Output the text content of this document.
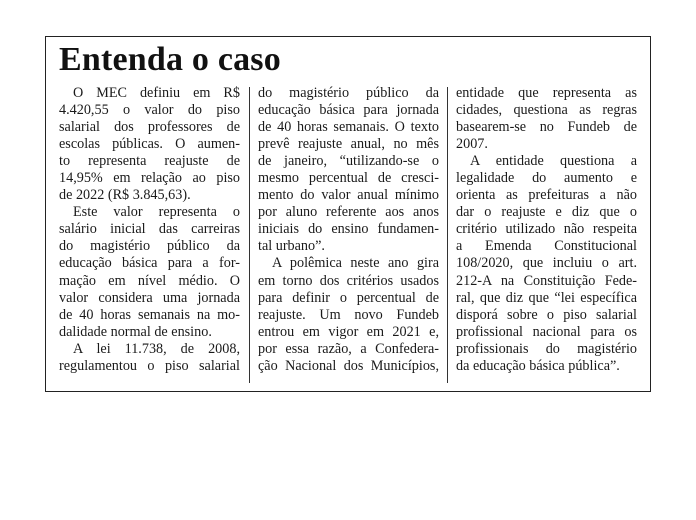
Entenda o caso
O MEC definiu em R$
4.420,55 o valor do piso
salarial dos professores de
escolas públicas. O aumen-
to representa reajuste de
14,95% em relação ao piso
de 2022 (R$ 3.845,63).
Este valor representa o
salário inicial das carreiras
do magistério público da
educação básica para a for-
mação em nível médio. O
valor considera uma jornada
de 40 horas semanais na mo-
dalidade normal de ensino.
A lei 11.738, de 2008,
regulamentou o piso salarial
do magistério público da
educação básica para jornada
de 40 horas semanais. O texto
prevê reajuste anual, no mês
de janeiro, “utilizando-se o
mesmo percentual de cresci-
mento do valor anual mínimo
por aluno referente aos anos
iniciais do ensino fundamen-
tal urbano”.
A polêmica neste ano gira
em torno dos critérios usados
para definir o percentual de
reajuste. Um novo Fundeb
entrou em vigor em 2021 e,
por essa razão, a Confedera-
ção Nacional dos Municípios,
entidade que representa as
cidades, questiona as regras
basearem-se no Fundeb de
2007.
A entidade questiona a
legalidade do aumento e
orienta as prefeituras a não
dar o reajuste e diz que o
critério utilizado não respeita
a Emenda Constitucional
108/2020, que incluiu o art.
212-A na Constituição Fede-
ral, que diz que “lei específica
disporá sobre o piso salarial
profissional nacional para os
profissionais do magistério
da educação básica pública”.
